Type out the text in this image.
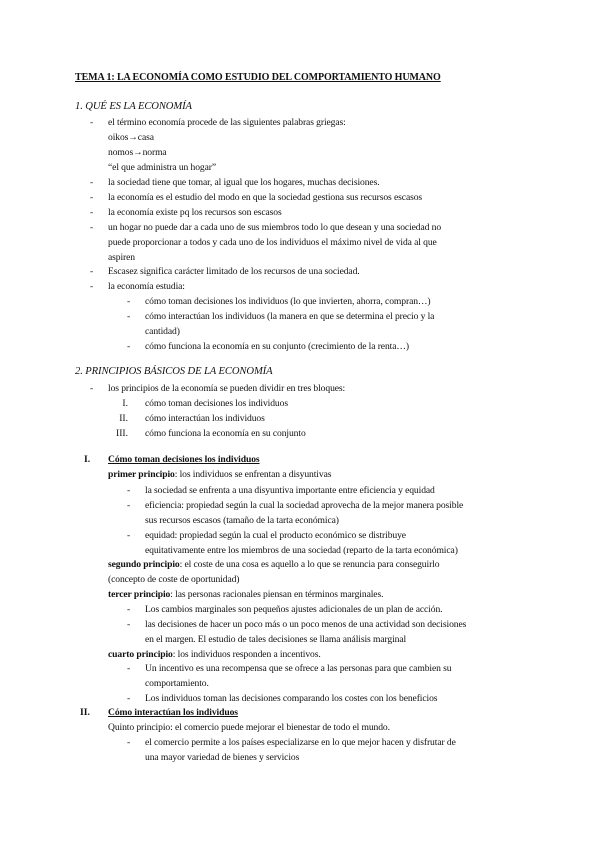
TEMA 1: LA ECONOMÍA COMO ESTUDIO DEL COMPORTAMIENTO HUMANO
1. QUÉ ES LA ECONOMÍA
- el término economía procede de las siguientes palabras griegas:
oikos→casa
nomos→norma
“el que administra un hogar”
- la sociedad tiene que tomar, al igual que los hogares, muchas decisiones.
- la economía es el estudio del modo en que la sociedad gestiona sus recursos escasos
- la economía existe pq los recursos son escasos
- un hogar no puede dar a cada uno de sus miembros todo lo que desean y una sociedad no
puede proporcionar a todos y cada uno de los individuos el máximo nivel de vida al que
aspiren
- Escasez significa carácter limitado de los recursos de una sociedad.
- la economía estudia:
- cómo toman decisiones los individuos (lo que invierten, ahorra, compran…)
- cómo interactúan los individuos (la manera en que se determina el precio y la
cantidad)
- cómo funciona la economía en su conjunto (crecimiento de la renta…)
2. PRINCIPIOS BÁSICOS DE LA ECONOMÍA
- los principios de la economía se pueden dividir en tres bloques:
I. cómo toman decisiones los individuos
II. cómo interactúan los individuos
III. cómo funciona la economía en su conjunto
I. Cómo toman decisiones los individuos
primer principio: los individuos se enfrentan a disyuntivas
- la sociedad se enfrenta a una disyuntiva importante entre eficiencia y equidad
- eficiencia: propiedad según la cual la sociedad aprovecha de la mejor manera posible
sus recursos escasos (tamaño de la tarta económica)
- equidad: propiedad según la cual el producto económico se distribuye
equitativamente entre los miembros de una sociedad (reparto de la tarta económica)
segundo principio: el coste de una cosa es aquello a lo que se renuncia para conseguirlo
(concepto de coste de oportunidad)
tercer principio: las personas racionales piensan en términos marginales.
- Los cambios marginales son pequeños ajustes adicionales de un plan de acción.
- las decisiones de hacer un poco más o un poco menos de una actividad son decisiones
en el margen. El estudio de tales decisiones se llama análisis marginal
cuarto principio: los individuos responden a incentivos.
- Un incentivo es una recompensa que se ofrece a las personas para que cambien su
comportamiento.
- Los individuos toman las decisiones comparando los costes con los beneficios
II. Cómo interactúan los individuos
Quinto principio: el comercio puede mejorar el bienestar de todo el mundo.
- el comercio permite a los países especializarse en lo que mejor hacen y disfrutar de
una mayor variedad de bienes y servicios
